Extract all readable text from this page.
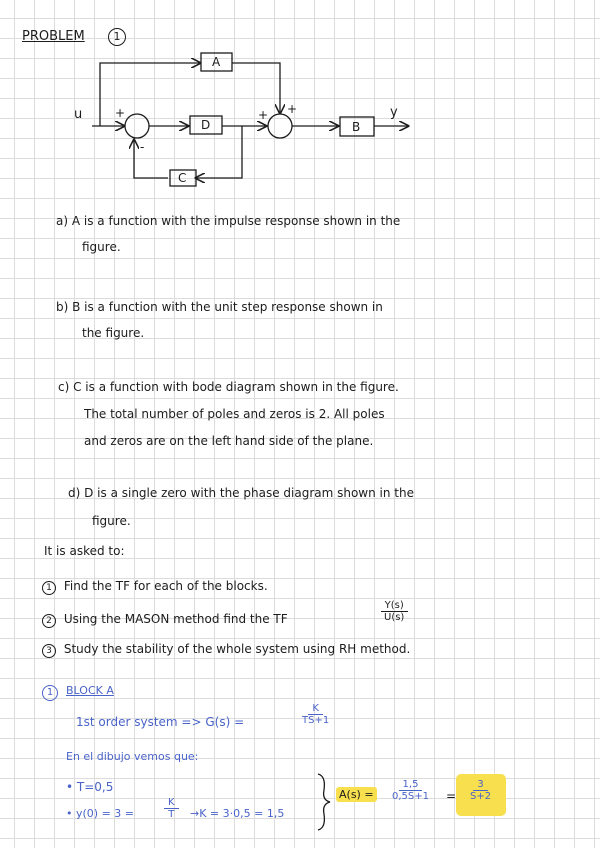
PROBLEM	1
A
D	B
C
u	y
+
-
+ +
a) A is a function with the impulse response shown in the
figure.
b) B is a function with the unit step response shown in
the figure.
c) C is a function with bode diagram shown in the figure.
The total number of poles and zeros is 2. All poles
and zeros are on the left hand side of the plane.
d) D is a single zero with the phase diagram shown in the
figure.
It is asked to:
1 Find the TF for each of the blocks.
2 Using the MASON method find the TF	$\frac{Y(s)}{U(s)}$
3 Study the stability of the whole system using RH method.
1	BLOCK A
1st order system => G(s) =	$\frac{K}{TS+1}$
En el dibujo vemos que:
• T=0,5
• y(0) = 3 =	$\frac{K}{T} \to K = 3\cdot 0,5 = 1,5$
A(s) =	$\frac{1,5}{0,5S+1} = \frac{3}{S+2}$
